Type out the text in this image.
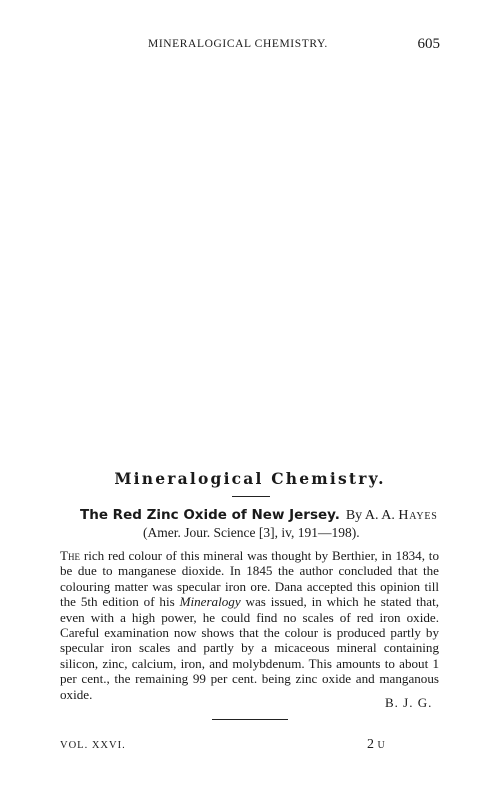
MINERALOGICAL CHEMISTRY.	605
Mineralogical Chemistry.
The Red Zinc Oxide of New Jersey. By A. A. Hayes
(Amer. Jour. Science [3], iv, 191—198).

The rich red colour of this mineral was thought by Berthier, in 1834, to be due to manganese dioxide. In 1845 the author concluded that the colouring matter was specular iron ore. Dana accepted this opinion till the 5th edition of his Mineralogy was issued, in which he stated that, even with a high power, he could find no scales of red iron oxide. Careful examination now shows that the colour is produced partly by specular iron scales and partly by a micaceous mineral containing silicon, zinc, calcium, iron, and molybdenum. This amounts to about 1 per cent., the remaining 99 per cent. being zinc oxide and manganous oxide.

B. J. G.
VOL. XXVI.	2 U
